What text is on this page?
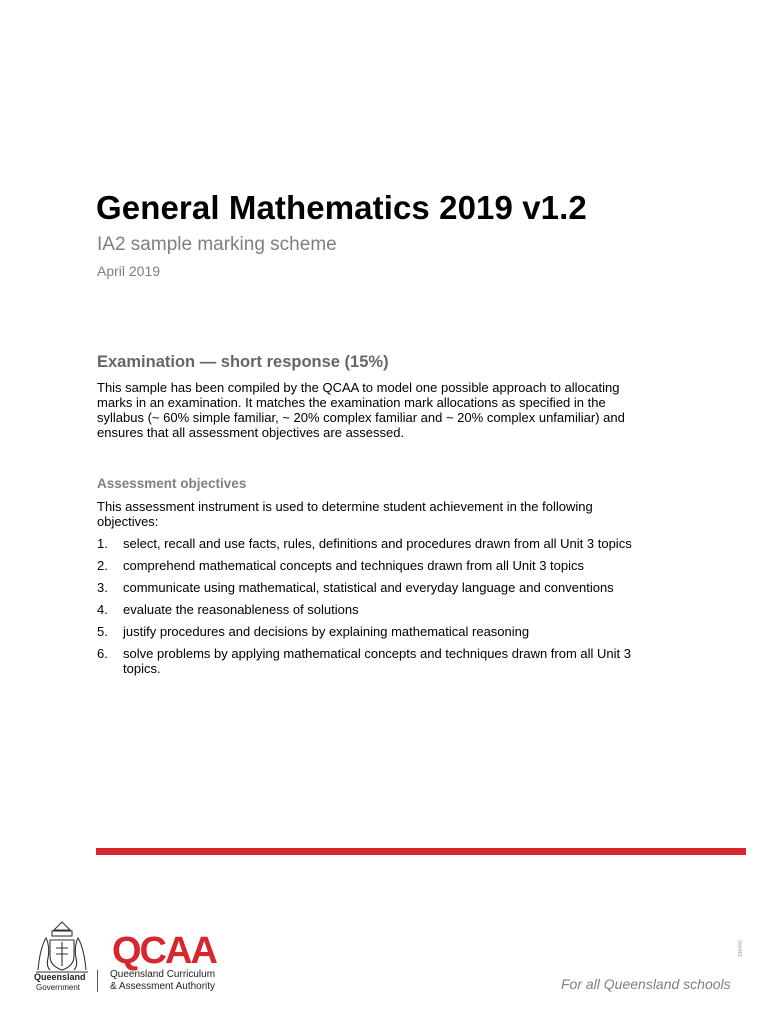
General Mathematics 2019 v1.2
IA2 sample marking scheme
April 2019
Examination — short response (15%)
This sample has been compiled by the QCAA to model one possible approach to allocating
marks in an examination. It matches the examination mark allocations as specified in the
syllabus (~ 60% simple familiar, ~ 20% complex familiar and ~ 20% complex unfamiliar) and
ensures that all assessment objectives are assessed.
Assessment objectives
This assessment instrument is used to determine student achievement in the following
objectives:
1. select, recall and use facts, rules, definitions and procedures drawn from all Unit 3 topics
2. comprehend mathematical concepts and techniques drawn from all Unit 3 topics
3. communicate using mathematical, statistical and everyday language and conventions
4. evaluate the reasonableness of solutions
5. justify procedures and decisions by explaining mathematical reasoning
6. solve problems by applying mathematical concepts and techniques drawn from all Unit 3
topics.
Queensland
Government
QCAA
Queensland Curriculum
& Assessment Authority	For all Queensland schools
190440
